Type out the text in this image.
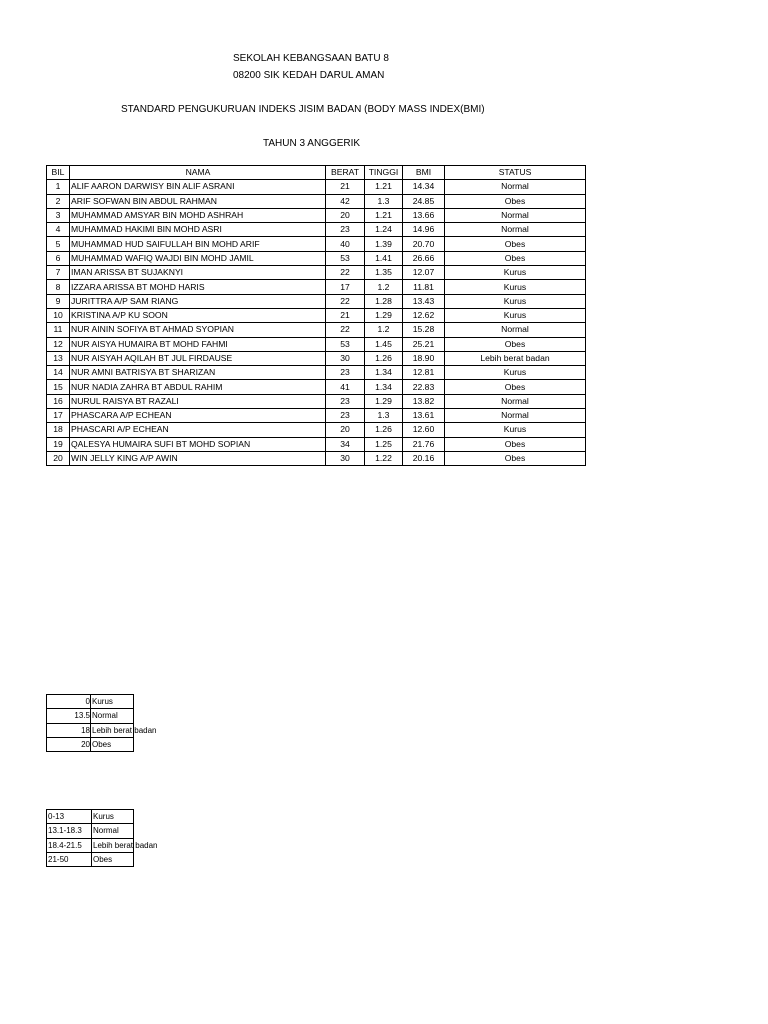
SEKOLAH KEBANGSAAN BATU 8
08200 SIK KEDAH DARUL AMAN
STANDARD PENGUKURUAN INDEKS JISIM BADAN (BODY MASS INDEX(BMI)
TAHUN 3 ANGGERIK
BIL	NAMA	BERAT	TINGGI	BMI	STATUS
1	ALIF AARON DARWISY BIN ALIF ASRANI	21	1.21	14.34	Normal
2	ARIF SOFWAN BIN ABDUL RAHMAN	42	1.3	24.85	Obes
3	MUHAMMAD AMSYAR BIN MOHD ASHRAH	20	1.21	13.66	Normal
4	MUHAMMAD HAKIMI BIN MOHD ASRI	23	1.24	14.96	Normal
5	MUHAMMAD HUD SAIFULLAH BIN MOHD ARIF	40	1.39	20.70	Obes
6	MUHAMMAD WAFIQ WAJDI BIN MOHD JAMIL	53	1.41	26.66	Obes
7	IMAN ARISSA BT SUJAKNYI	22	1.35	12.07	Kurus
8	IZZARA ARISSA BT MOHD HARIS	17	1.2	11.81	Kurus
9	JURITTRA A/P SAM RIANG	22	1.28	13.43	Kurus
10	KRISTINA A/P KU SOON	21	1.29	12.62	Kurus
11	NUR AININ SOFIYA BT AHMAD SYOPIAN	22	1.2	15.28	Normal
12	NUR AISYA HUMAIRA BT MOHD FAHMI	53	1.45	25.21	Obes
13	NUR AISYAH AQILAH BT JUL FIRDAUSE	30	1.26	18.90	Lebih berat badan
14	NUR AMNI BATRISYA BT SHARIZAN	23	1.34	12.81	Kurus
15	NUR NADIA ZAHRA BT ABDUL RAHIM	41	1.34	22.83	Obes
16	NURUL RAISYA BT RAZALI	23	1.29	13.82	Normal
17	PHASCARA A/P ECHEAN	23	1.3	13.61	Normal
18	PHASCARI A/P ECHEAN	20	1.26	12.60	Kurus
19	QALESYA HUMAIRA SUFI BT MOHD SOPIAN	34	1.25	21.76	Obes
20	WIN JELLY KING A/P AWIN	30	1.22	20.16	Obes
0	Kurus
13.5	Normal
18	Lebih berat badan
20	Obes
0-13	Kurus
13.1-18.3	Normal
18.4-21.5	Lebih berat badan
21-50	Obes
